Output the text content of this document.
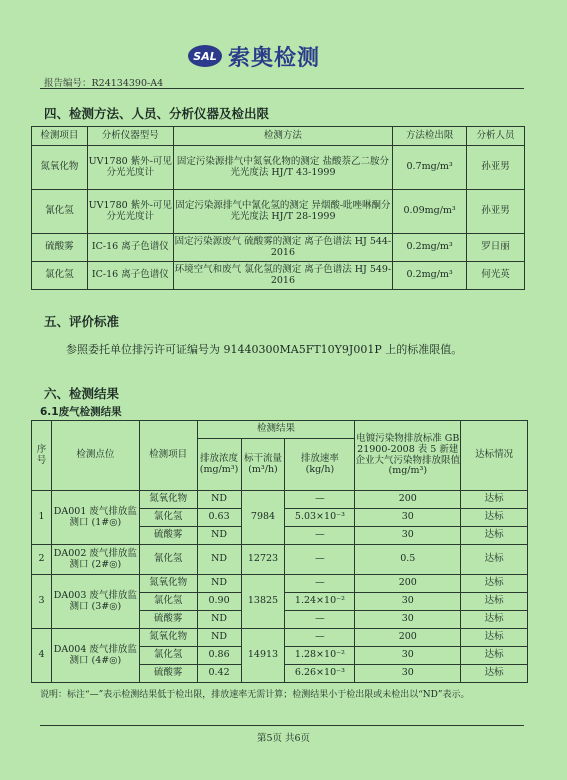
SAL 索奥检测
报告编号：R24134390-A4
四、检测方法、人员、分析仪器及检出限
检测项目	分析仪器型号	检测方法	方法检出限	分析人员
氮氧化物	UV1780 紫外-可见分光光度计	固定污染源排气中氮氧化物的测定 盐酸萘乙二胺分光光度法 HJ/T 43-1999	0.7mg/m³	孙亚男
氰化氢	UV1780 紫外-可见分光光度计	固定污染源排气中氰化氢的测定 异烟酸-吡唑啉酮分光光度法 HJ/T 28-1999	0.09mg/m³	孙亚男
硫酸雾	IC-16 离子色谱仪	固定污染源废气 硫酸雾的测定 离子色谱法 HJ 544-2016	0.2mg/m³	罗日丽
氯化氢	IC-16 离子色谱仪	环境空气和废气 氯化氢的测定 离子色谱法 HJ 549-2016	0.2mg/m³	何光英
五、评价标准
参照委托单位排污许可证编号为 91440300MA5FT10Y9J001P 上的标准限值。
六、检测结果
6.1废气检测结果
序号	检测点位	检测项目	检测结果			电镀污染物排放标准 GB 21900-2008 表 5 新建企业大气污染物排放限值 (mg/m³)	达标情况
			排放浓度 (mg/m³)	标干流量 (m³/h)	排放速率 (kg/h)		
1	DA001 废气排放监测口 (1#◎)	氮氧化物	ND	7984	—	200	达标
		氯化氢	0.63		5.03×10⁻³	30	达标
		硫酸雾	ND		—	30	达标
2	DA002 废气排放监测口 (2#◎)	氰化氢	ND	12723	—	0.5	达标
3	DA003 废气排放监测口 (3#◎)	氮氧化物	ND	13825	—	200	达标
		氯化氢	0.90		1.24×10⁻²	30	达标
		硫酸雾	ND		—	30	达标
4	DA004 废气排放监测口 (4#◎)	氮氧化物	ND	14913	—	200	达标
		氯化氢	0.86		1.28×10⁻²	30	达标
		硫酸雾	0.42		6.26×10⁻³	30	达标
说明：标注“—”表示检测结果低于检出限，排放速率无需计算；检测结果小于检出限或未检出以“ND”表示。
第5页 共6页
